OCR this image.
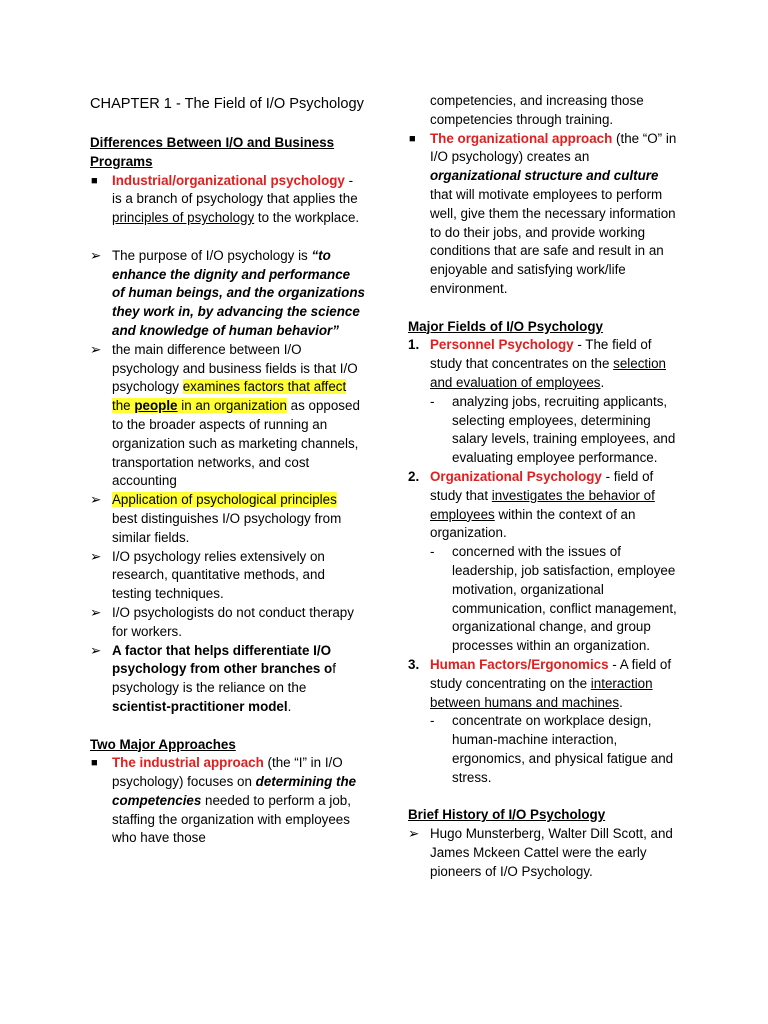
CHAPTER 1 - The Field of I/O Psychology
Differences Between I/O and Business Programs
■ Industrial/organizational psychology - is a branch of psychology that applies the principles of psychology to the workplace.
➢ The purpose of I/O psychology is “to enhance the dignity and performance of human beings, and the organizations they work in, by advancing the science and knowledge of human behavior”
➢ the main difference between I/O psychology and business fields is that I/O psychology examines factors that affect the people in an organization as opposed to the broader aspects of running an organization such as marketing channels, transportation networks, and cost accounting
➢ Application of psychological principles best distinguishes I/O psychology from similar fields.
➢ I/O psychology relies extensively on research, quantitative methods, and testing techniques.
➢ I/O psychologists do not conduct therapy for workers.
➢ A factor that helps differentiate I/O psychology from other branches of psychology is the reliance on the scientist-practitioner model.
Two Major Approaches
■ The industrial approach (the “I” in I/O psychology) focuses on determining the competencies needed to perform a job, staffing the organization with employees who have those
competencies, and increasing those competencies through training.
■ The organizational approach (the “O” in I/O psychology) creates an organizational structure and culture that will motivate employees to perform well, give them the necessary information to do their jobs, and provide working conditions that are safe and result in an enjoyable and satisfying work/life environment.
Major Fields of I/O Psychology
1. Personnel Psychology - The field of study that concentrates on the selection and evaluation of employees.
- analyzing jobs, recruiting applicants, selecting employees, determining salary levels, training employees, and evaluating employee performance.
2. Organizational Psychology - field of study that investigates the behavior of employees within the context of an organization.
- concerned with the issues of leadership, job satisfaction, employee motivation, organizational communication, conflict management, organizational change, and group processes within an organization.
3. Human Factors/Ergonomics - A field of study concentrating on the interaction between humans and machines.
- concentrate on workplace design, human-machine interaction, ergonomics, and physical fatigue and stress.
Brief History of I/O Psychology
➢ Hugo Munsterberg, Walter Dill Scott, and James Mckeen Cattel were the early pioneers of I/O Psychology.
